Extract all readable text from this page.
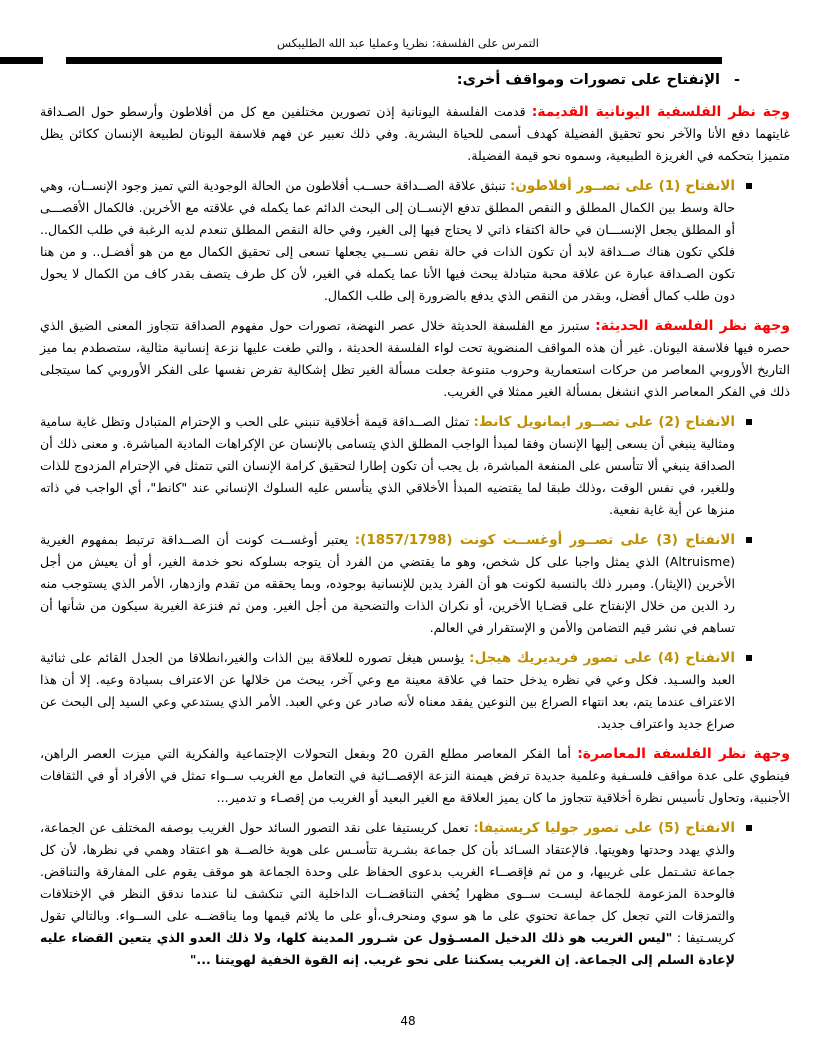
التمرس على الفلسفة: نظريا وعمليا عبد الله الطليبكس
-الإنفتاح على تصورات ومواقف أخرى:
وجة نظر الفلسفية اليونانية القديمة: قدمت الفلسفة اليونانية إذن تصورين مختلفين مع كل من أفلاطون وأرسطو حول الصـداقة غايتهما دفع الأنا والآخر نحو تحقيق الفضيلة كهدف أسمى للحياة البشرية. وفي ذلك تعبير عن فهم فلاسفة اليونان لطبيعة الإنسان ككائن يظل متميزا بتحكمه في الغريزة الطبيعية، وسموه نحو قيمة الفضيلة.
الانفتاح (1) على تصــور أفلاطون: تنبثق علاقة الصــداقة حســب أفلاطون من الحالة الوجودية التي تميز وجود الإنســان، وهي حالة وسط بين الكمال المطلق و النقص المطلق تدفع الإنســان إلى البحث الدائم عما يكمله في علاقته مع الأخرين. فالكمال الأقصـــى أو المطلق يجعل الإنســـان في حالة اكتفاء ذاتي لا يحتاج فيها إلى الغير، وفي حالة النقص المطلق تنعدم لديه الرغبة في طلب الكمال.. فلكي تكون هناك صــداقة لابد أن تكون الذات في حالة نقص نســبي يجعلها تسعى إلى تحقيق الكمال مع من هو أفضـل.. و من هنا تكون الصـداقة عبارة عن علاقة محبة متبادلة يبحث فيها الأنا عما يكمله في الغير، لأن كل طرف يتصف بقدر كاف من الكمال لا يحول دون طلب كمال أفضل، وبقدر من النقص الذي يدفع بالضرورة إلى طلب الكمال.
وجهة نظر الفلسفة الحديثة: ستبرز مع الفلسفة الحديثة خلال عصر النهضة، تصورات حول مفهوم الصداقة تتجاوز المعنى الضيق الذي حصره فيها فلاسفة اليونان. غير أن هذه المواقف المنضوية تحت لواء الفلسفة الحديثة ، والتي طغت عليها نزعة إنسانية مثالية، ستصطدم بما ميز التاريخ الأوروبي المعاصر من حركات استعمارية وحروب متنوعة جعلت مسألة الغير تظل إشكالية تفرض نفسها على الفكر الأوروبي كما سيتجلى ذلك في الفكر المعاصر الذي انشغل بمسألة الغير ممثلا في الغريب.
الانفتاح (2) على تصــور ايمانويل كانط: تمثل الصــداقة قيمة أخلاقية تنبني على الحب و الإحترام المتبادل وتظل غاية سامية ومثالية ينبغي أن يسعى إليها الإنسان وفقا لمبدأ الواجب المطلق الذي يتسامى بالإنسان عن الإكراهات المادية المباشرة. و معنى ذلك أن الصداقة ينبغي ألا تتأسس على المنفعة المباشرة، بل يجب أن تكون إطارا لتحقيق كرامة الإنسان التي تتمثل في الإحترام المزدوج للذات وللغير، في نفس الوقت ،وذلك طبقا لما يقتضيه المبدأ الأخلاقي الذي يتأسس عليه السلوك الإنساني عند "كانط"، أي الواجب في ذاته منزها عن أية غاية نفعية.
الانفتاح (3) على تصــور أوغســت كونت (1857/1798): يعتبر أوغســت كونت أن الصــداقة ترتبط بمفهوم الغيرية (Altruisme) الذي يمثل واجبا على كل شخص، وهو ما يقتضي من الفرد أن يتوجه بسلوكه نحو خدمة الغير، أو أن يعيش من أجل الأخرين (الإيثار). ومبرر ذلك بالنسبة لكونت هو أن الفرد يدين للإنسانية بوجوده، وبما يحققه من تقدم وازدهار، الأمر الذي يستوجب منه رد الدين من خلال الإنفتاح على قضـايا الأخرين، أو نكران الذات والتضحية من أجل الغير. ومن ثم فنزعة الغيرية سيكون من شأنها أن تساهم في نشر قيم التضامن والأمن و الإستقرار في العالم.
الانفتاح (4) على تصور فريديريك هيجل: يؤسس هيغل تصوره للعلاقة بين الذات والغير،انطلاقا من الجدل القائم على ثنائية العبد والسـيد. فكل وعي في نظره يدخل حتما في علاقة معينة مع وعي آخر، يبحث من خلالها عن الاعتراف بسيادة وعيه. إلا أن هذا الاعتراف عندما يتم، بعد انتهاء الصراع بين النوعين يفقد معناه لأنه صادر عن وعي العبد. الأمر الذي يستدعي وعي السيد إلى البحث عن صراع جديد واعتراف جديد.
وجهة نظر الفلسفة المعاصرة: أما الفكر المعاصر مطلع القرن 20 وبفعل التحولات الإجتماعية والفكرية التي ميزت العصر الراهن، فينطوي على عدة مواقف فلسـفية وعلمية جديدة ترفض هيمنة النزعة الإقصــائية في التعامل مع الغريب ســواء تمثل في الأفراد أو في الثقافات الأجنبية، وتحاول تأسيس نظرة أخلاقية تتجاوز ما كان يميز العلاقة مع الغير البعيد أو الغريب من إقصـاء و تدمير...
الانفتاح (5) على تصور جوليا كريستيفا: تعمل كريستيفا على نقد التصور السائد حول الغريب بوصفه المختلف عن الجماعة، والذي يهدد وحدتها وهويتها. فالإعتقاد السـائد بأن كل جماعة بشـرية تتأسـس على هوية خالصــة هو اعتقاد وهمي في نظرها، لأن كل جماعة تشـتمل على غريبها، و من ثم فإقصــاء الغريب بدعوى الحفاظ على وحدة الجماعة هو موقف يقوم على المفارقة والتناقض. فالوحدة المزعومة للجماعة ليسـت ســوى مظهرا يُخفي التناقضــات الداخلية التي تنكشف لنا عندما ندقق النظر في الإختلافات والتمزقات التي تجعل كل جماعة تحتوي على ما هو سوي ومنحرف،أو على ما يلائم قيمها وما يناقضــه على الســواء. وبالتالي تقول كريسـتيفا : "ليس الغريب هو ذلك الدخيل المسـؤول عن شـرور المدينة كلها، ولا ذلك العدو الذي يتعين القضاء عليه لإعادة السلم إلى الجماعة. إن الغريب يسكننا على نحو غريب. إنه القوة الخفية لهويتنا ..."
48
